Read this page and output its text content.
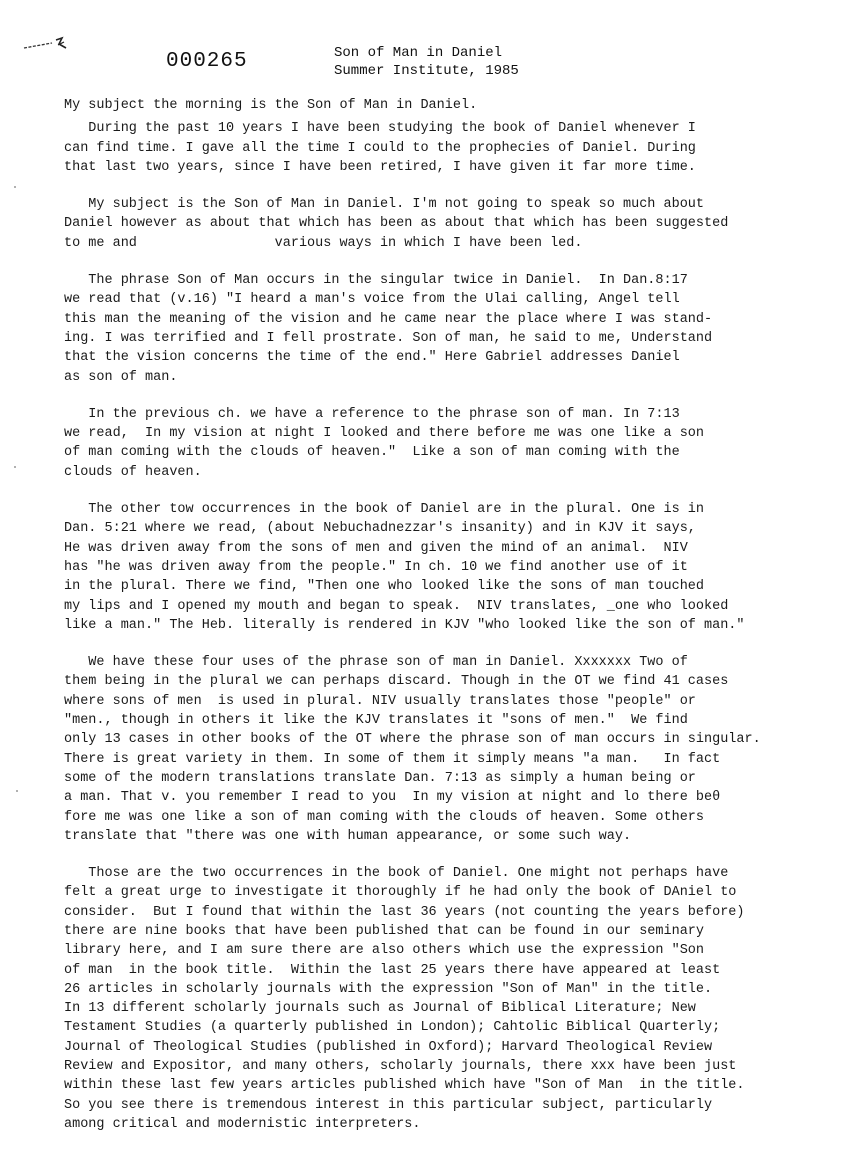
000265	Son of Man in Daniel
Summer Institute, 1985
My subject the morning is the Son of Man in Daniel.
During the past 10 years I have been studying the book of Daniel whenever I
can find time. I gave all the time I could to the prophecies of Daniel. During
that last two years, since I have been retired, I have given it far more time.
My subject is the Son of Man in Daniel. I'm not going to speak so much about
Daniel however as about that which has been as about that which has been suggested
to me and                 various ways in which I have been led.
The phrase Son of Man occurs in the singular twice in Daniel.  In Dan.8:17
we read that (v.16) "I heard a man's voice from the Ulai calling, Angel tell
this man the meaning of the vision and he came near the place where I was stand-
ing. I was terrified and I fell prostrate. Son of man, he said to me, Understand
that the vision concerns the time of the end." Here Gabriel addresses Daniel
as son of man.
In the previous ch. we have a reference to the phrase son of man. In 7:13
we read,  In my vision at night I looked and there before me was one like a son
of man coming with the clouds of heaven."  Like a son of man coming with the
clouds of heaven.
The other tow occurrences in the book of Daniel are in the plural. One is in
Dan. 5:21 where we read, (about Nebuchadnezzar's insanity) and in KJV it says,
He was driven away from the sons of men and given the mind of an animal.  NIV
has "he was driven away from the people." In ch. 10 we find another use of it
in the plural. There we find, "Then one who looked like the sons of man touched
my lips and I opened my mouth and began to speak.  NIV translates, _one who looked
like a man." The Heb. literally is rendered in KJV "who looked like the son of man."
We have these four uses of the phrase son of man in Daniel. Xxxxxxx Two of
them being in the plural we can perhaps discard. Though in the OT we find 41 cases
where sons of men  is used in plural. NIV usually translates those "people" or
"men., though in others it like the KJV translates it "sons of men."  We find
only 13 cases in other books of the OT where the phrase son of man occurs in singular.
There is great variety in them. In some of them it simply means "a man.   In fact
some of the modern translations translate Dan. 7:13 as simply a human being or
a man. That v. you remember I read to you  In my vision at night and lo there beθ
fore me was one like a son of man coming with the clouds of heaven. Some others
translate that "there was one with human appearance, or some such way.
Those are the two occurrences in the book of Daniel. One might not perhaps have
felt a great urge to investigate it thoroughly if he had only the book of DAniel to
consider.  But I found that within the last 36 years (not counting the years before)
there are nine books that have been published that can be found in our seminary
library here, and I am sure there are also others which use the expression "Son
of man  in the book title.  Within the last 25 years there have appeared at least
26 articles in scholarly journals with the expression "Son of Man" in the title.
In 13 different scholarly journals such as Journal of Biblical Literature; New
Testament Studies (a quarterly published in London); Cahtolic Biblical Quarterly;
Journal of Theological Studies (published in Oxford); Harvard Theological Review
Review and Expositor, and many others, scholarly journals, there xxx have been just
within these last few years articles published which have "Son of Man  in the title.
So you see there is tremendous interest in this particular subject, particularly
among critical and modernistic interpreters.
